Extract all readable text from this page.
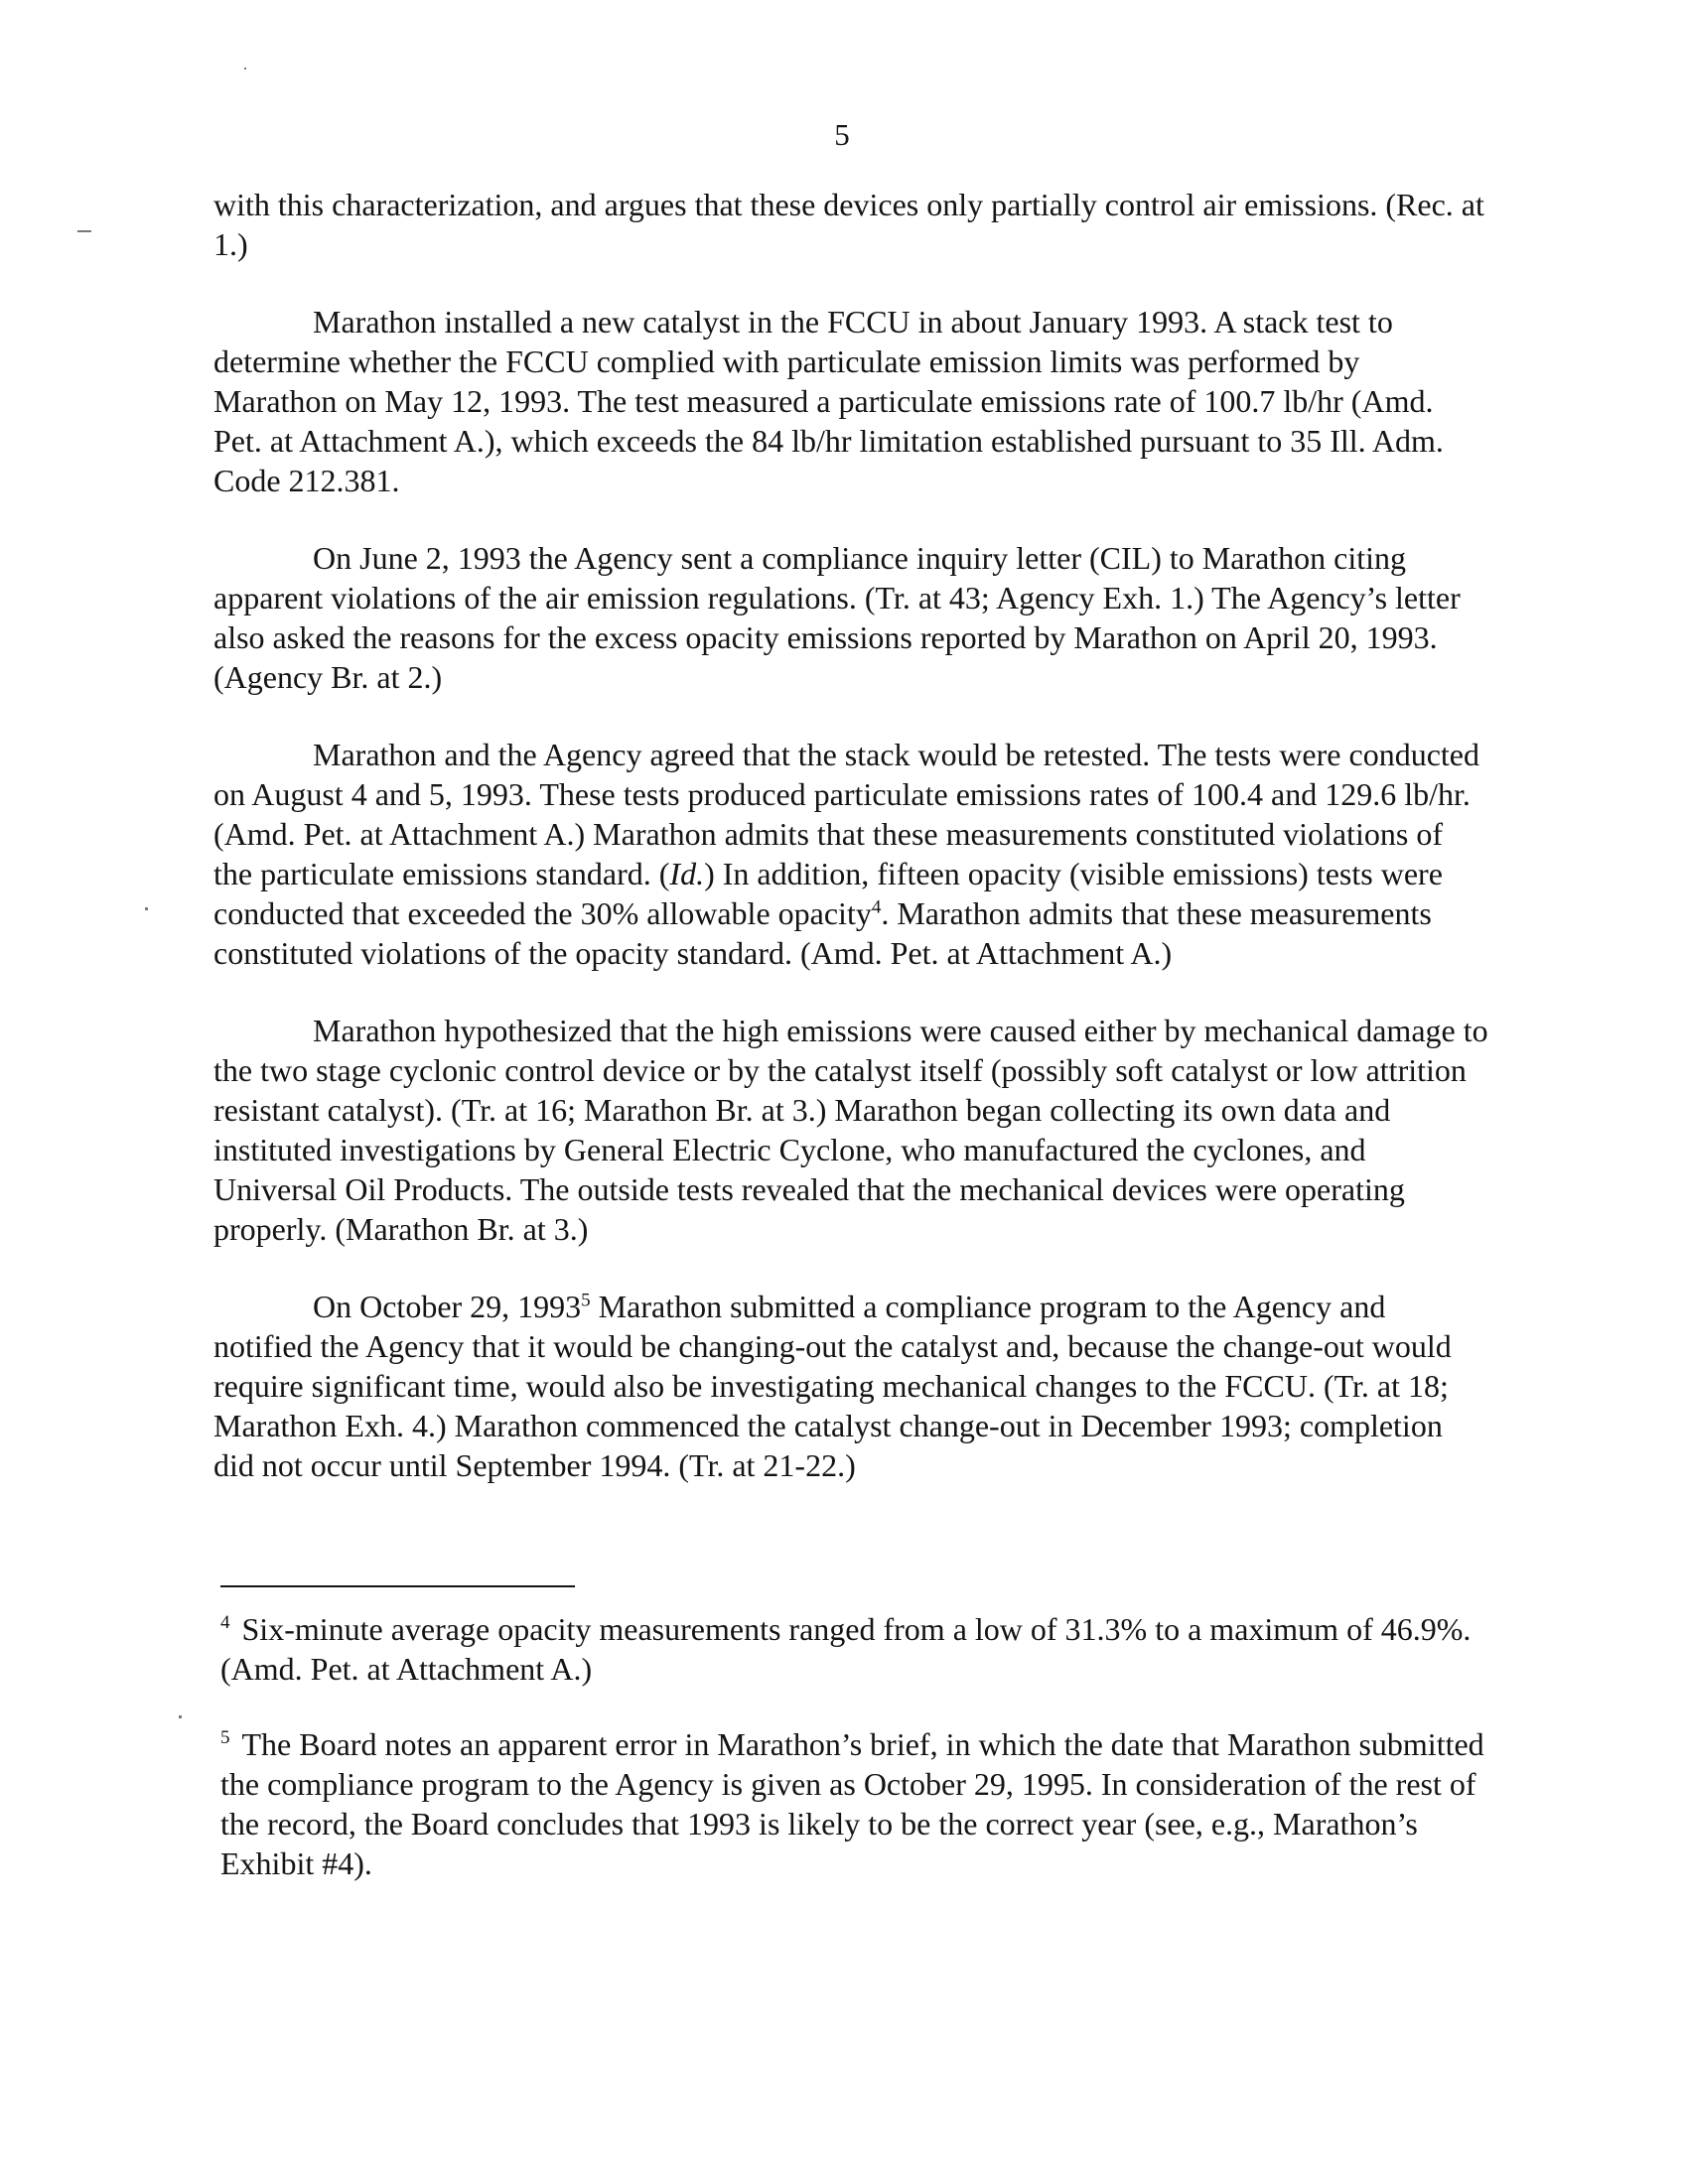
5

with this characterization, and argues that these devices only partially control air emissions. (Rec. at 1.)

Marathon installed a new catalyst in the FCCU in about January 1993. A stack test to determine whether the FCCU complied with particulate emission limits was performed by Marathon on May 12, 1993. The test measured a particulate emissions rate of 100.7 lb/hr (Amd. Pet. at Attachment A.), which exceeds the 84 lb/hr limitation established pursuant to 35 Ill. Adm. Code 212.381.

On June 2, 1993 the Agency sent a compliance inquiry letter (CIL) to Marathon citing apparent violations of the air emission regulations. (Tr. at 43; Agency Exh. 1.) The Agency’s letter also asked the reasons for the excess opacity emissions reported by Marathon on April 20, 1993. (Agency Br. at 2.)

Marathon and the Agency agreed that the stack would be retested. The tests were conducted on August 4 and 5, 1993. These tests produced particulate emissions rates of 100.4 and 129.6 lb/hr. (Amd. Pet. at Attachment A.) Marathon admits that these measurements constituted violations of the particulate emissions standard. (Id.) In addition, fifteen opacity (visible emissions) tests were conducted that exceeded the 30% allowable opacity$^4$. Marathon admits that these measurements constituted violations of the opacity standard. (Amd. Pet. at Attachment A.)

Marathon hypothesized that the high emissions were caused either by mechanical damage to the two stage cyclonic control device or by the catalyst itself (possibly soft catalyst or low attrition resistant catalyst). (Tr. at 16; Marathon Br. at 3.) Marathon began collecting its own data and instituted investigations by General Electric Cyclone, who manufactured the cyclones, and Universal Oil Products. The outside tests revealed that the mechanical devices were operating properly. (Marathon Br. at 3.)

On October 29, 1993$^5$ Marathon submitted a compliance program to the Agency and notified the Agency that it would be changing-out the catalyst and, because the change-out would require significant time, would also be investigating mechanical changes to the FCCU. (Tr. at 18; Marathon Exh. 4.) Marathon commenced the catalyst change-out in December 1993; completion did not occur until September 1994. (Tr. at 21-22.)

$^4$ Six-minute average opacity measurements ranged from a low of 31.3% to a maximum of 46.9%. (Amd. Pet. at Attachment A.)

$^5$ The Board notes an apparent error in Marathon’s brief, in which the date that Marathon submitted the compliance program to the Agency is given as October 29, 1995. In consideration of the rest of the record, the Board concludes that 1993 is likely to be the correct year (see, e.g., Marathon’s Exhibit #4).
